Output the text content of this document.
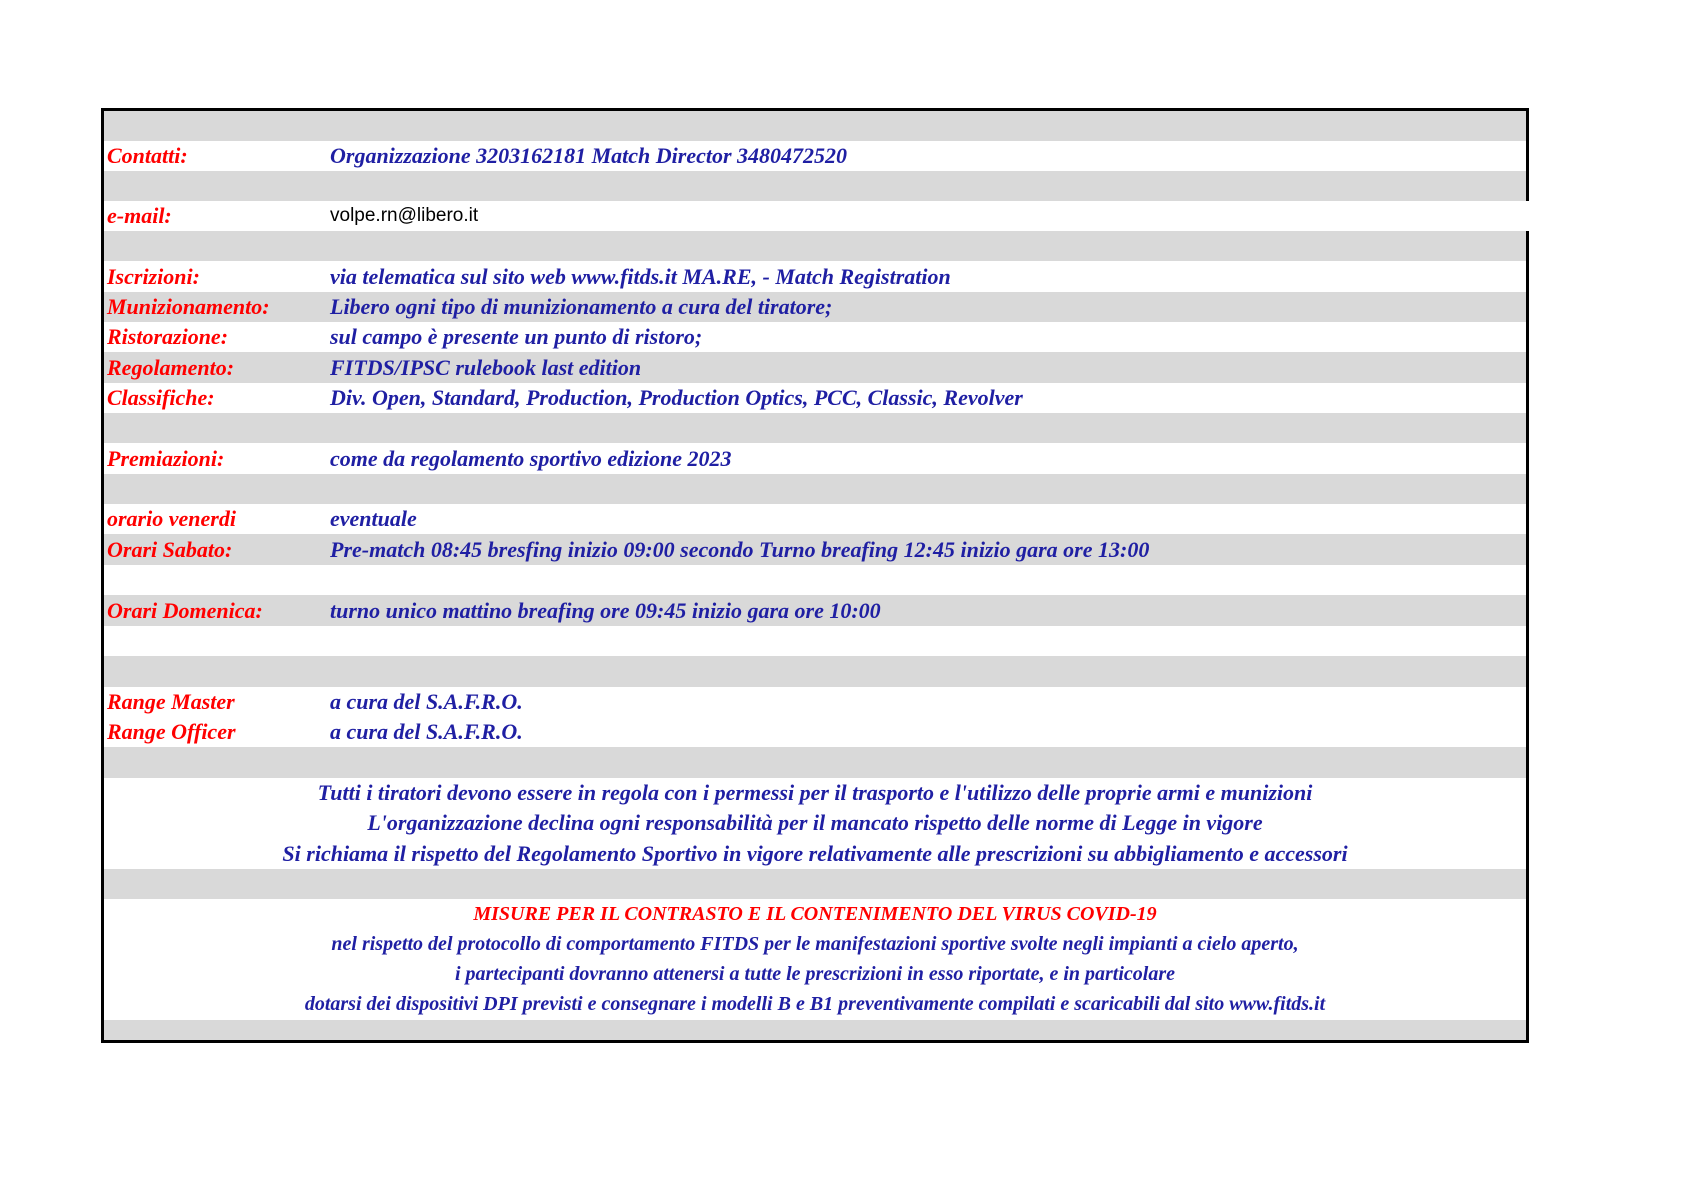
Contatti:	Organizzazione 3203162181 Match Director 3480472520
Iscrizioni:	via telematica sul sito web www.fitds.it MA.RE, - Match Registration
Munizionamento:	Libero ogni tipo di munizionamento a cura del tiratore;
Ristorazione:	sul campo è presente un punto di ristoro;
Regolamento:	FITDS/IPSC rulebook last edition
Classifiche:	Div. Open, Standard, Production, Production Optics, PCC, Classic, Revolver
Premiazioni:	come da regolamento sportivo edizione 2023
orario venerdi	eventuale
Orari Sabato:	Pre-match 08:45 bresfing inizio 09:00 secondo Turno breafing 12:45 inizio gara ore 13:00
Orari Domenica:	turno unico mattino breafing ore 09:45 inizio gara ore 10:00
Range Master	a cura del S.A.F.R.O.
Range Officer	a cura del S.A.F.R.O.
Tutti i tiratori devono essere in regola con i permessi per il trasporto e l'utilizzo delle proprie armi e munizioni
L'organizzazione declina ogni responsabilità per il mancato rispetto delle norme di Legge in vigore
Si richiama il rispetto del Regolamento Sportivo in vigore relativamente alle prescrizioni su abbigliamento e accessori
MISURE PER IL CONTRASTO E IL CONTENIMENTO DEL VIRUS COVID-19
nel rispetto del protocollo di comportamento FITDS per le manifestazioni sportive svolte negli impianti a cielo aperto,
i partecipanti dovranno attenersi a tutte le prescrizioni in esso riportate, e in particolare
dotarsi dei dispositivi DPI previsti e consegnare i modelli B e B1 preventivamente compilati e scaricabili dal sito www.fitds.it
e-mail:	volpe.rn@libero.it
